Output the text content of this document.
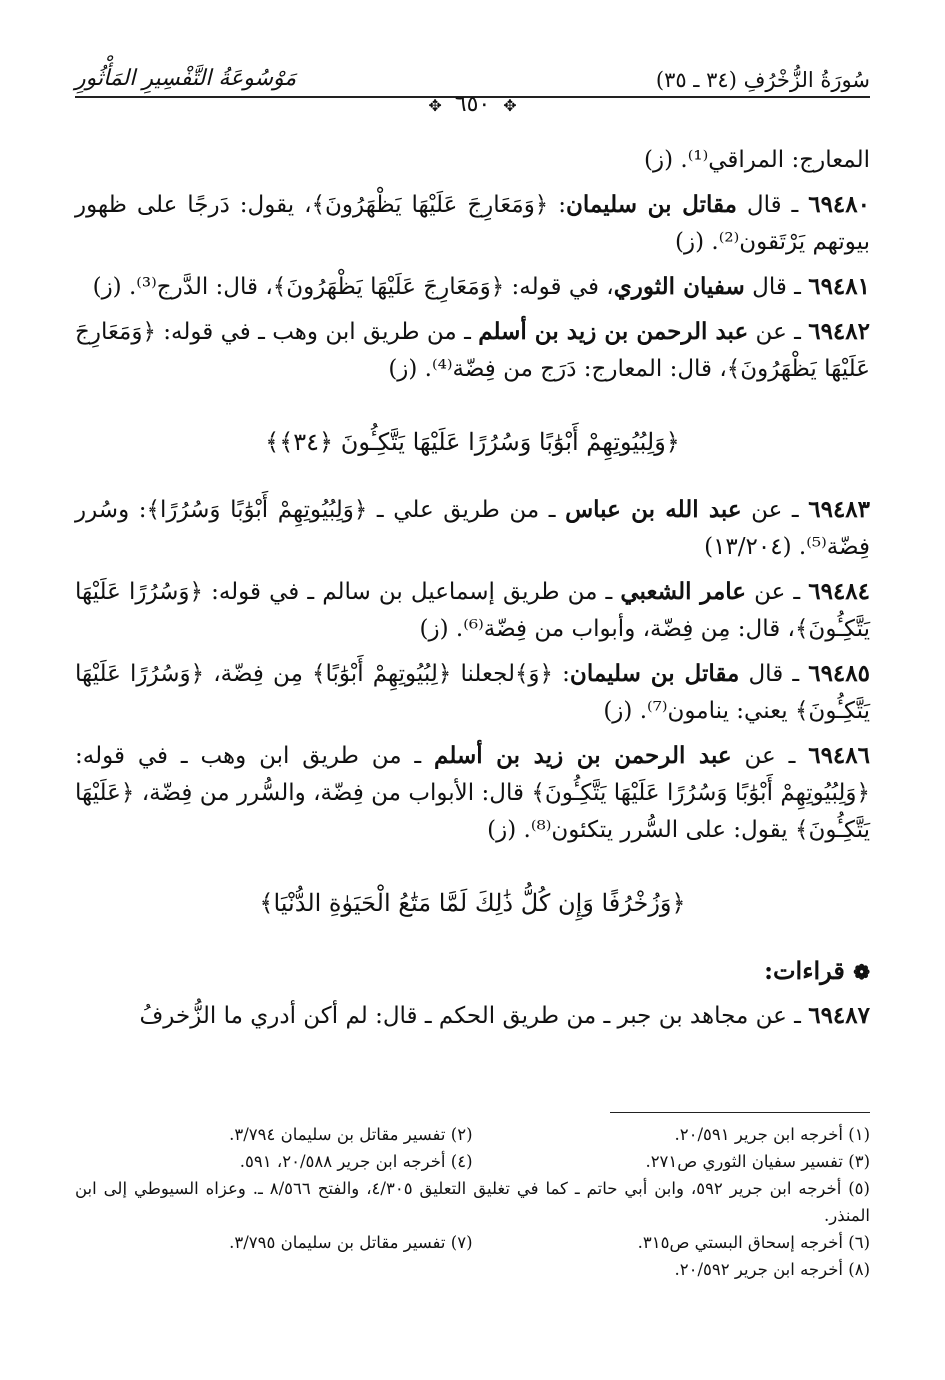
سُورَةُ الزُّخْرُفِ (٣٤ ـ ٣٥)
مَوْسُوعَةُ التَّفْسِيرِ المَأْثُورِ
✥ ٦٥٠ ✥

المعارج: المراقي⁽¹⁾. (ز)

٦٩٤٨٠ ـ قال مقاتل بن سليمان: ﴿وَمَعَارِجَ عَلَيْهَا يَظْهَرُونَ﴾، يقول: دَرجًا على ظهور بيوتهم يَرْتَقون⁽²⁾. (ز)

٦٩٤٨١ ـ قال سفيان الثوري، في قوله: ﴿وَمَعَارِجَ عَلَيْهَا يَظْهَرُونَ﴾، قال: الدَّرج⁽³⁾. (ز)

٦٩٤٨٢ ـ عن عبد الرحمن بن زيد بن أسلم ـ من طريق ابن وهب ـ في قوله: ﴿وَمَعَارِجَ عَلَيْهَا يَظْهَرُونَ﴾، قال: المعارج: دَرَج من فِضّة⁽⁴⁾. (ز)

﴿وَلِبُيُوتِهِمْ أَبْوَٰبًا وَسُرُرًا عَلَيْهَا يَتَّكِـُٔونَ ﴿٣٤﴾﴾

٦٩٤٨٣ ـ عن عبد الله بن عباس ـ من طريق علي ـ ﴿وَلِبُيُوتِهِمْ أَبْوَٰبًا وَسُرُرًا﴾: وسُرر فِضّة⁽⁵⁾. (١٣/٢٠٤)

٦٩٤٨٤ ـ عن عامر الشعبي ـ من طريق إسماعيل بن سالم ـ في قوله: ﴿وَسُرُرًا عَلَيْهَا يَتَّكِـُٔونَ﴾، قال: مِن فِضّة، وأبواب من فِضّة⁽⁶⁾. (ز)

٦٩٤٨٥ ـ قال مقاتل بن سليمان: ﴿وَ﴾لجعلنا ﴿لِبُيُوتِهِمْ أَبْوَٰبًا﴾ مِن فِضّة، ﴿وَسُرُرًا عَلَيْهَا يَتَّكِـُٔونَ﴾ يعني: ينامون⁽⁷⁾. (ز)

٦٩٤٨٦ ـ عن عبد الرحمن بن زيد بن أسلم ـ من طريق ابن وهب ـ في قوله: ﴿وَلِبُيُوتِهِمْ أَبْوَٰبًا وَسُرُرًا عَلَيْهَا يَتَّكِـُٔونَ﴾ قال: الأبواب من فِضّة، والسُّرر من فِضّة، ﴿عَلَيْهَا يَتَّكِـُٔونَ﴾ يقول: على السُّرر يتكئون⁽⁸⁾. (ز)

﴿وَزُخْرُفًا وَإِن كُلُّ ذَٰلِكَ لَمَّا مَتَٰعُ الْحَيَوٰةِ الدُّنْيَا﴾
❁ قراءات:

٦٩٤٨٧ ـ عن مجاهد بن جبر ـ من طريق الحكم ـ قال: لم أكن أدري ما الزُّخرفُ

(١) أخرجه ابن جرير ٢٠/٥٩١.
(٢) تفسير مقاتل بن سليمان ٣/٧٩٤.
(٣) تفسير سفيان الثوري ص٢٧١.
(٤) أخرجه ابن جرير ٢٠/٥٨٨، ٥٩١.
(٥) أخرجه ابن جرير ٥٩٢، وابن أبي حاتم ـ كما في تغليق التعليق ٤/٣٠٥، والفتح ٨/٥٦٦ ـ. وعزاه السيوطي إلى ابن المنذر.
(٦) أخرجه إسحاق البستي ص٣١٥.
(٧) تفسير مقاتل بن سليمان ٣/٧٩٥.
(٨) أخرجه ابن جرير ٢٠/٥٩٢.
